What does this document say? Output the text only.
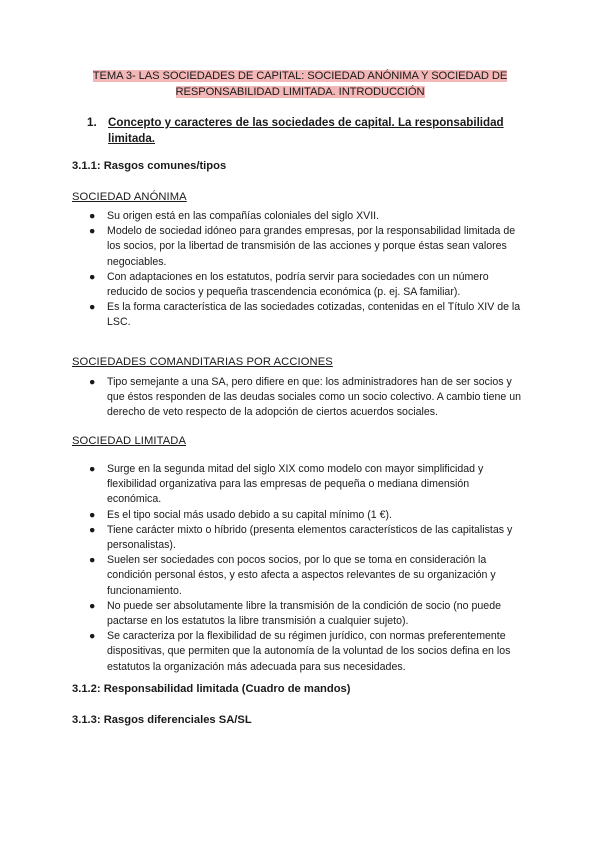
TEMA 3- LAS SOCIEDADES DE CAPITAL: SOCIEDAD ANÓNIMA Y SOCIEDAD DE
RESPONSABILIDAD LIMITADA. INTRODUCCIÓN
1. Concepto y caracteres de las sociedades de capital. La responsabilidad limitada.
3.1.1: Rasgos comunes/tipos
SOCIEDAD ANÓNIMA
● Su origen está en las compañías coloniales del siglo XVII.
● Modelo de sociedad idóneo para grandes empresas, por la responsabilidad limitada de los socios, por la libertad de transmisión de las acciones y porque éstas sean valores negociables.
● Con adaptaciones en los estatutos, podría servir para sociedades con un número reducido de socios y pequeña trascendencia económica (p. ej. SA familiar).
● Es la forma característica de las sociedades cotizadas, contenidas en el Título XIV de la LSC.
SOCIEDADES COMANDITARIAS POR ACCIONES
● Tipo semejante a una SA, pero difiere en que: los administradores han de ser socios y que éstos responden de las deudas sociales como un socio colectivo. A cambio tiene un derecho de veto respecto de la adopción de ciertos acuerdos sociales.
SOCIEDAD LIMITADA
● Surge en la segunda mitad del siglo XIX como modelo con mayor simplificidad y flexibilidad organizativa para las empresas de pequeña o mediana dimensión económica.
● Es el tipo social más usado debido a su capital mínimo (1 €).
● Tiene carácter mixto o híbrido (presenta elementos característicos de las capitalistas y personalistas).
● Suelen ser sociedades con pocos socios, por lo que se toma en consideración la condición personal éstos, y esto afecta a aspectos relevantes de su organización y funcionamiento.
● No puede ser absolutamente libre la transmisión de la condición de socio (no puede pactarse en los estatutos la libre transmisión a cualquier sujeto).
● Se caracteriza por la flexibilidad de su régimen jurídico, con normas preferentemente dispositivas, que permiten que la autonomía de la voluntad de los socios defina en los estatutos la organización más adecuada para sus necesidades.
3.1.2: Responsabilidad limitada (Cuadro de mandos)
3.1.3: Rasgos diferenciales SA/SL
